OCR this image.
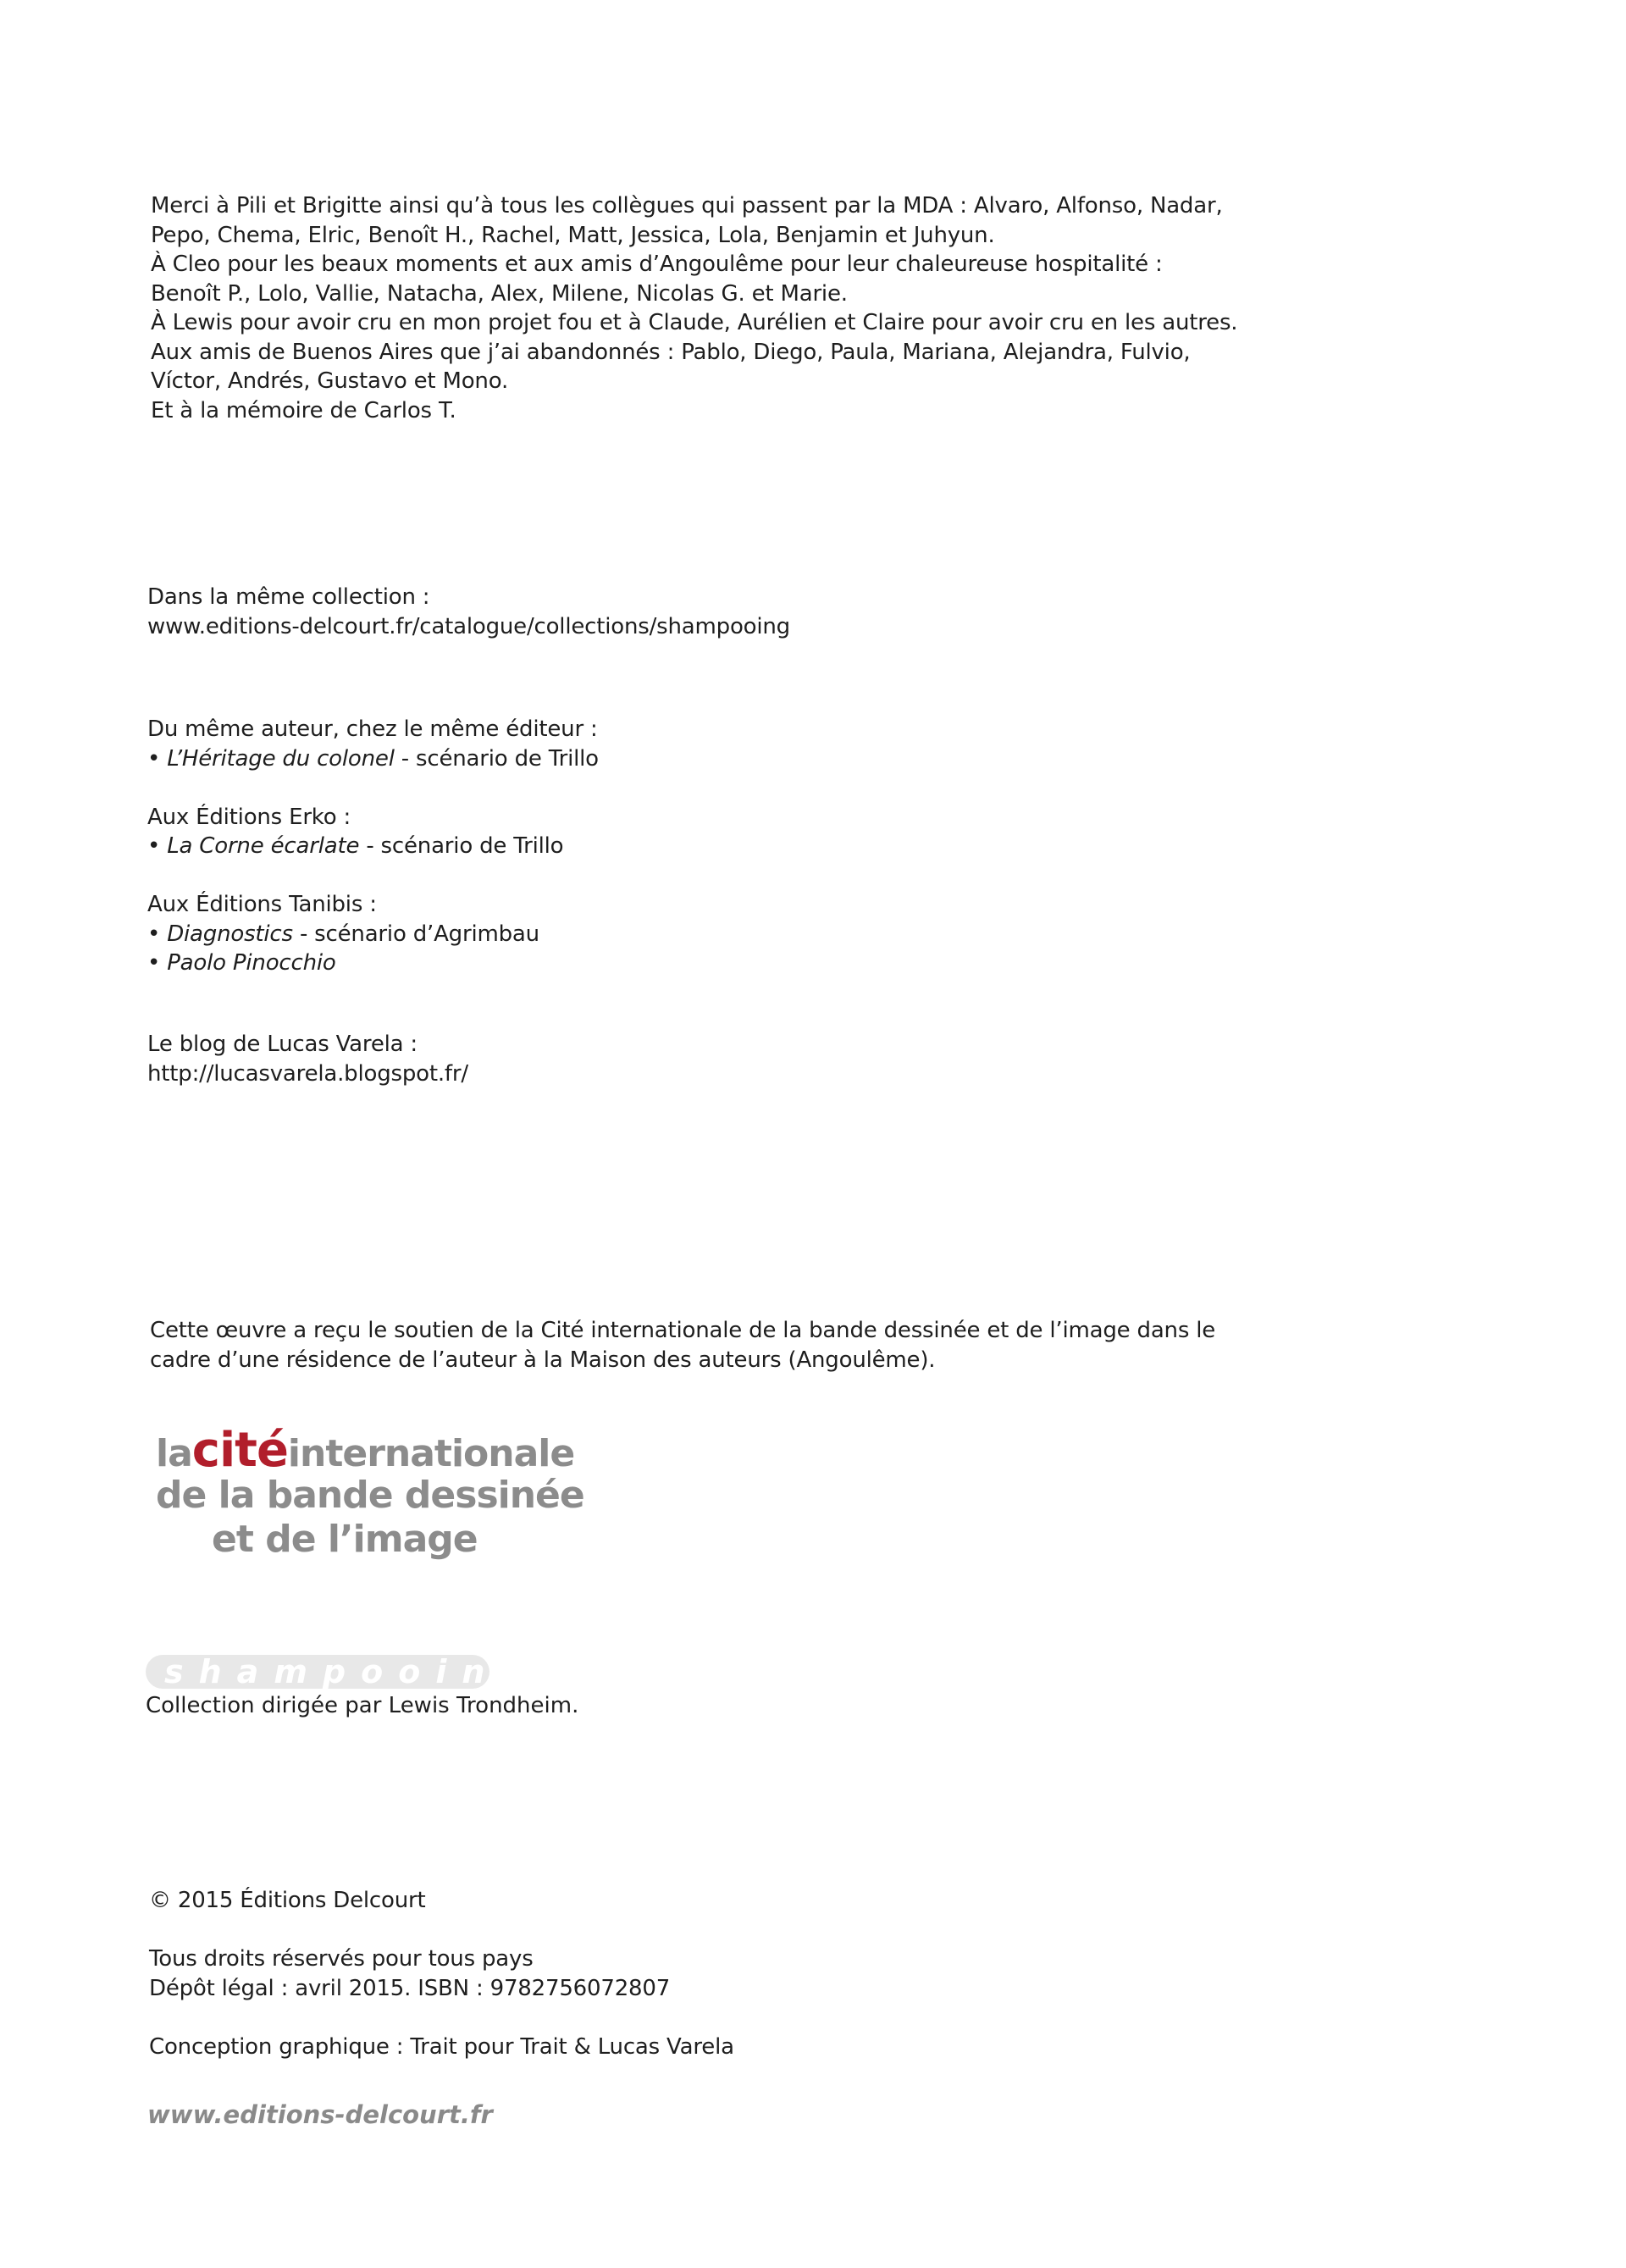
Merci à Pili et Brigitte ainsi qu’à tous les collègues qui passent par la MDA : Alvaro, Alfonso, Nadar,

Pepo, Chema, Elric, Benoît H., Rachel, Matt, Jessica, Lola, Benjamin et Juhyun.

À Cleo pour les beaux moments et aux amis d’Angoulême pour leur chaleureuse hospitalité :

Benoît P., Lolo, Vallie, Natacha, Alex, Milene, Nicolas G. et Marie.

À Lewis pour avoir cru en mon projet fou et à Claude, Aurélien et Claire pour avoir cru en les autres.

Aux amis de Buenos Aires que j’ai abandonnés : Pablo, Diego, Paula, Mariana, Alejandra, Fulvio,

Víctor, Andrés, Gustavo et Mono.

Et à la mémoire de Carlos T.

Dans la même collection :

www.editions-delcourt.fr/catalogue/collections/shampooing

Du même auteur, chez le même éditeur :

• L’Héritage du colonel - scénario de Trillo

Aux Éditions Erko :

• La Corne écarlate - scénario de Trillo

Aux Éditions Tanibis :

• Diagnostics - scénario d’Agrimbau

• Paolo Pinocchio

Le blog de Lucas Varela :

http://lucasvarela.blogspot.fr/

Cette œuvre a reçu le soutien de la Cité internationale de la bande dessinée et de l’image dans le

cadre d’une résidence de l’auteur à la Maison des auteurs (Angoulême).

lacitéinternationale
de la bande dessinée
et de l’image
shampooing
Collection dirigée par Lewis Trondheim.

© 2015 Éditions Delcourt

Tous droits réservés pour tous pays

Dépôt légal : avril 2015. ISBN : 9782756072807

Conception graphique : Trait pour Trait & Lucas Varela

www.editions-delcourt.fr
